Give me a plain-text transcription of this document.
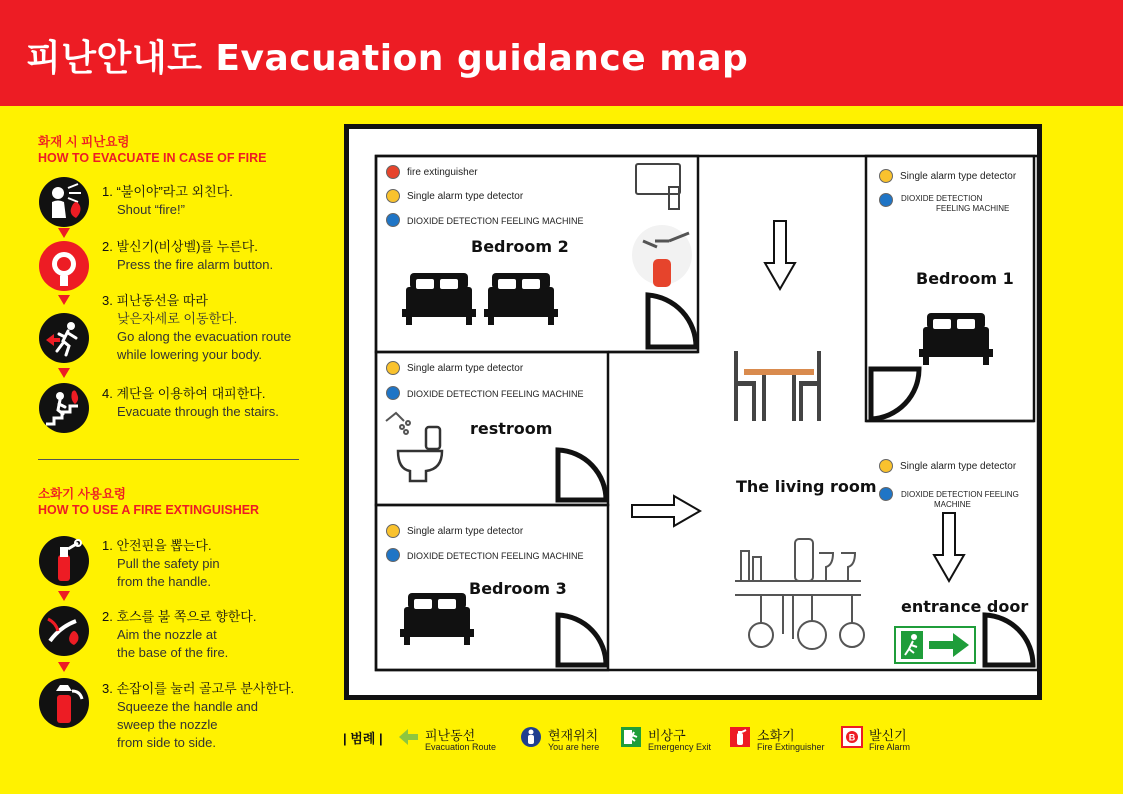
피난안내도 Evacuation guidance map
화재 시 피난요령
HOW TO EVACUATE IN CASE OF FIRE
1. “불이야”라고 외친다.
Shout “fire!”
2. 발신기(비상벨)를 누른다.
Press the fire alarm button.
3. 피난동선을 따라
낮은자세로 이동한다.
Go along the evacuation route
while lowering your body.
4. 계단을 이용하여 대피한다.
Evacuate through the stairs.
소화기 사용요령
HOW TO USE A FIRE EXTINGUISHER
1. 안전핀을 뽑는다.
Pull the safety pin
from the handle.
2. 호스를 불 쪽으로 향한다.
Aim the nozzle at
the base of the fire.
3. 손잡이를 눌러 골고루 분사한다.
Squeeze the handle and
sweep the nozzle
from side to side.
fire extinguisher
Single alarm type detector
DIOXIDE DETECTION FEELING MACHINE
Bedroom 2
Single alarm type detector
DIOXIDE DETECTION FEELING MACHINE
restroom
Single alarm type detector
DIOXIDE DETECTION FEELING MACHINE
Bedroom 3
Single alarm type detector
DIOXIDE DETECTION
FEELING MACHINE
Bedroom 1
Single alarm type detector
DIOXIDE DETECTION FEELING
MACHINE
The living room
entrance door
| 범례 |	피난동선
Evacuation Route
현재위치
You are here
비상구
Emergency Exit
소화기
Fire Extinguisher
B 발신기
Fire Alarm
